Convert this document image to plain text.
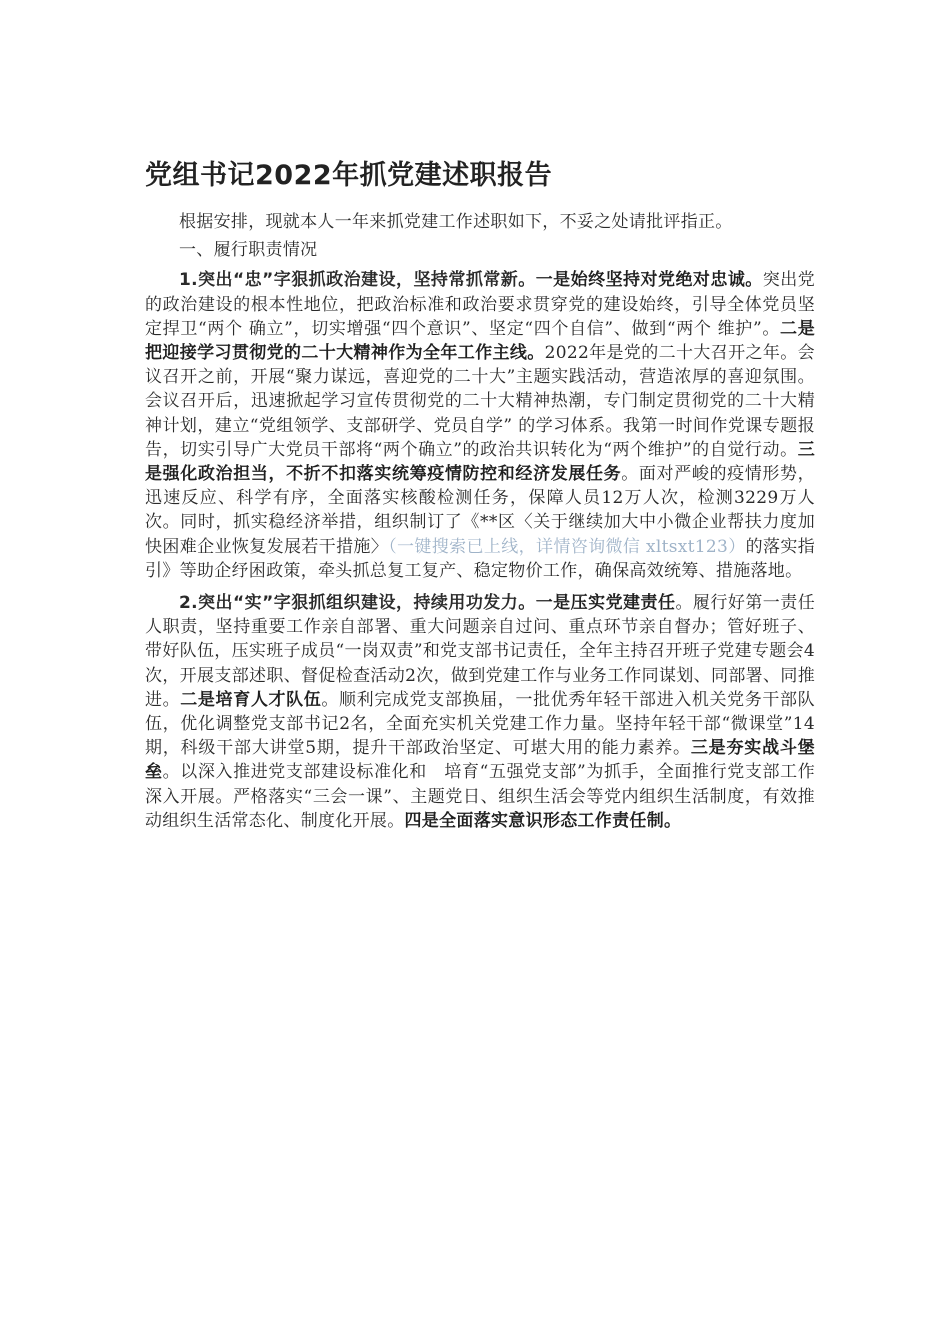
党组书记2022年抓党建述职报告

根据安排，现就本人一年来抓党建工作述职如下，不妥之处请批评指正。

一、履行职责情况

1.突出“忠”字狠抓政治建设，坚持常抓常新。一是始终坚持对党绝对忠诚。突出党的政治建设的根本性地位，把政治标准和政治要求贯穿党的建设始终，引导全体党员坚定捍卫“两个 确立”，切实增强“四个意识”、坚定“四个自信”、做到“两个 维护”。二是把迎接学习贯彻党的二十大精神作为全年工作主线。2022年是党的二十大召开之年。会议召开之前，开展“聚力谋远，喜迎党的二十大”主题实践活动，营造浓厚的喜迎氛围。会议召开后，迅速掀起学习宣传贯彻党的二十大精神热潮，专门制定贯彻党的二十大精神计划，建立“党组领学、支部研学、党员自学” 的学习体系。我第一时间作党课专题报告，切实引导广大党员干部将“两个确立”的政治共识转化为“两个维护”的自觉行动。三是强化政治担当，不折不扣落实统筹疫情防控和经济发展任务。面对严峻的疫情形势，迅速反应、科学有序，全面落实核酸检测任务，保障人员12万人次，检测3229万人次。同时，抓实稳经济举措，组织制订了《**区〈关于继续加大中小微企业帮扶力度加快困难企业恢复发展若干措施〉（一键搜索已上线，详情咨询微信 xltsxt123）的落实指引》等助企纾困政策，牵头抓总复工复产、稳定物价工作，确保高效统筹、措施落地。

2.突出“实”字狠抓组织建设，持续用功发力。一是压实党建责任。履行好第一责任人职责，坚持重要工作亲自部署、重大问题亲自过问、重点环节亲自督办；管好班子、带好队伍，压实班子成员“一岗双责”和党支部书记责任，全年主持召开班子党建专题会4次，开展支部述职、督促检查活动2次，做到党建工作与业务工作同谋划、同部署、同推进。二是培育人才队伍。顺利完成党支部换届，一批优秀年轻干部进入机关党务干部队伍，优化调整党支部书记2名，全面充实机关党建工作力量。坚持年轻干部“微课堂”14期，科级干部大讲堂5期，提升干部政治坚定、可堪大用的能力素养。三是夯实战斗堡垒。以深入推进党支部建设标准化和　培育“五强党支部”为抓手，全面推行党支部工作深入开展。严格落实“三会一课”、主题党日、组织生活会等党内组织生活制度，有效推动组织生活常态化、制度化开展。四是全面落实意识形态工作责任制。
